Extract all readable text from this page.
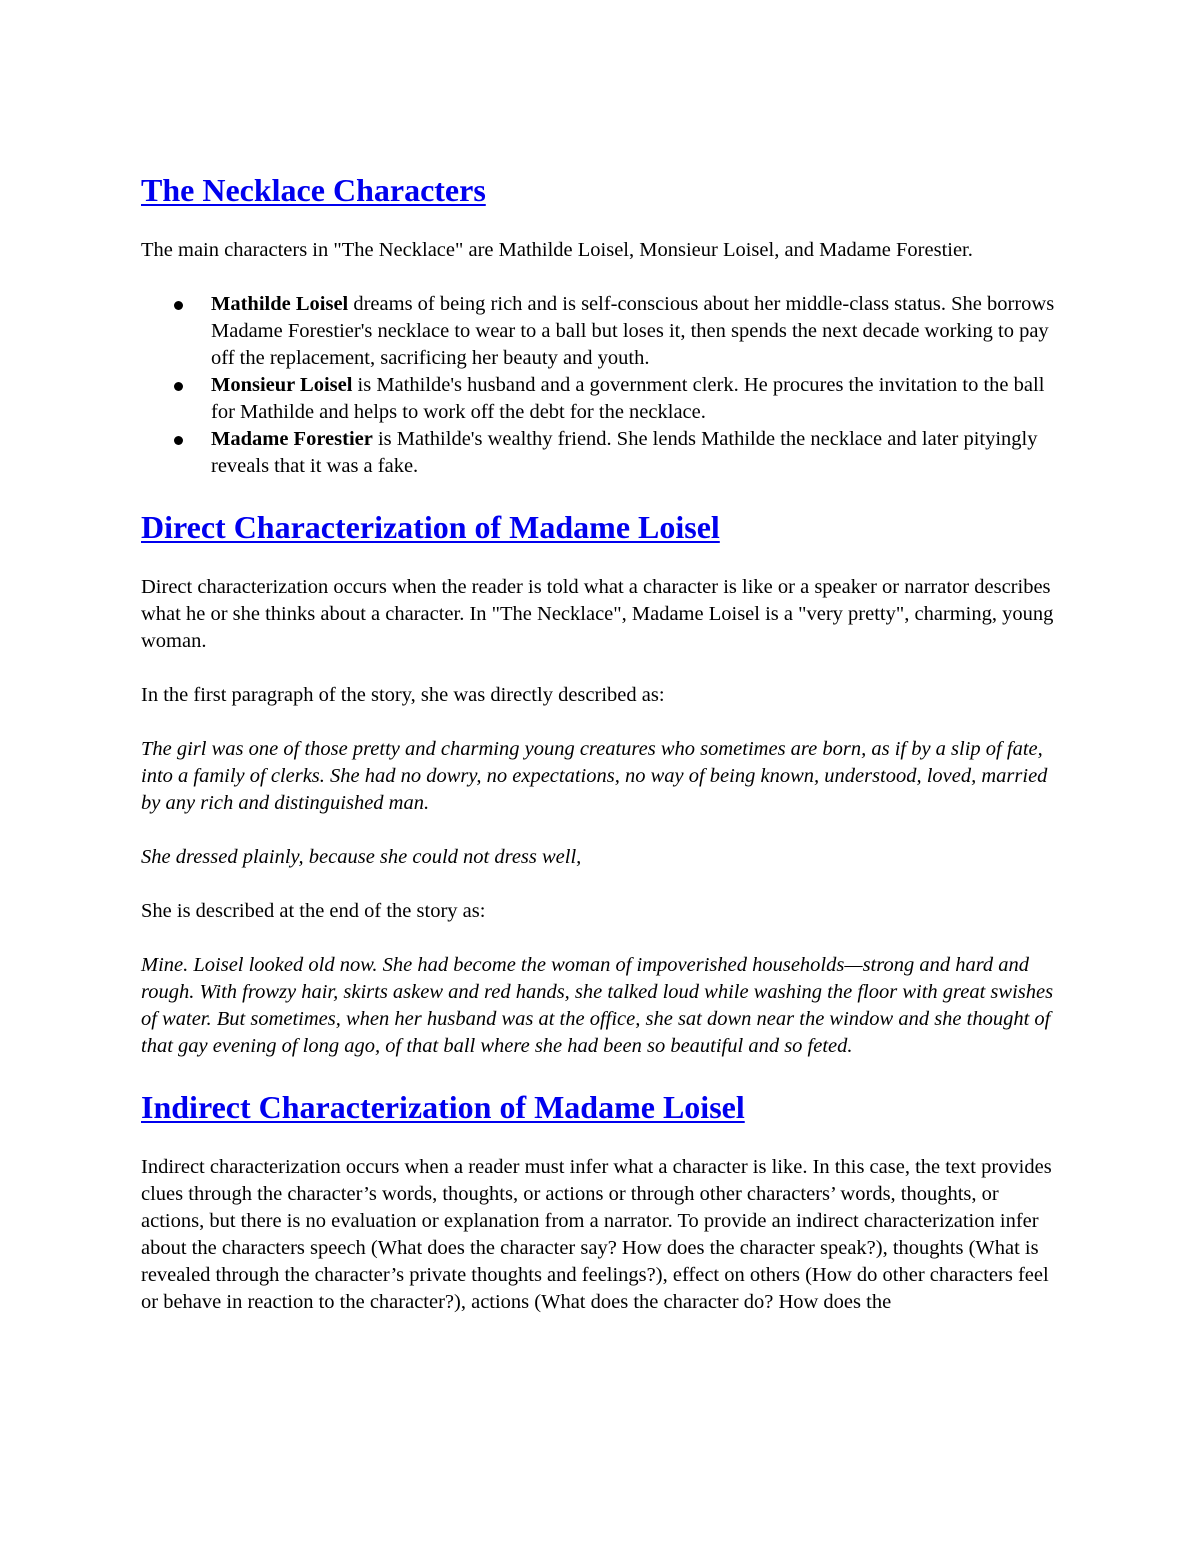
The Necklace Characters

The main characters in "The Necklace" are Mathilde Loisel, Monsieur Loisel, and Madame Forestier.

Mathilde Loisel dreams of being rich and is self-conscious about her middle-class status. She borrows Madame Forestier's necklace to wear to a ball but loses it, then spends the next decade working to pay off the replacement, sacrificing her beauty and youth.
Monsieur Loisel is Mathilde's husband and a government clerk. He procures the invitation to the ball for Mathilde and helps to work off the debt for the necklace.
Madame Forestier is Mathilde's wealthy friend. She lends Mathilde the necklace and later pityingly reveals that it was a fake.
Direct Characterization of Madame Loisel

Direct characterization occurs when the reader is told what a character is like or a speaker or narrator describes what he or she thinks about a character. In "The Necklace", Madame Loisel is a "very pretty", charming, young woman.

In the first paragraph of the story, she was directly described as:

The girl was one of those pretty and charming young creatures who sometimes are born, as if by a slip of fate, into a family of clerks. She had no dowry, no expectations, no way of being known, understood, loved, married by any rich and distinguished man.

She dressed plainly, because she could not dress well,

She is described at the end of the story as:

Mine. Loisel looked old now. She had become the woman of impoverished households—strong and hard and rough. With frowzy hair, skirts askew and red hands, she talked loud while washing the floor with great swishes of water. But sometimes, when her husband was at the office, she sat down near the window and she thought of that gay evening of long ago, of that ball where she had been so beautiful and so feted.

Indirect Characterization of Madame Loisel

Indirect characterization occurs when a reader must infer what a character is like. In this case, the text provides clues through the character’s words, thoughts, or actions or through other characters’ words, thoughts, or actions, but there is no evaluation or explanation from a narrator. To provide an indirect characterization infer about the characters speech (What does the character say? How does the character speak?), thoughts (What is revealed through the character’s private thoughts and feelings?), effect on others (How do other characters feel or behave in reaction to the character?), actions (What does the character do? How does the
